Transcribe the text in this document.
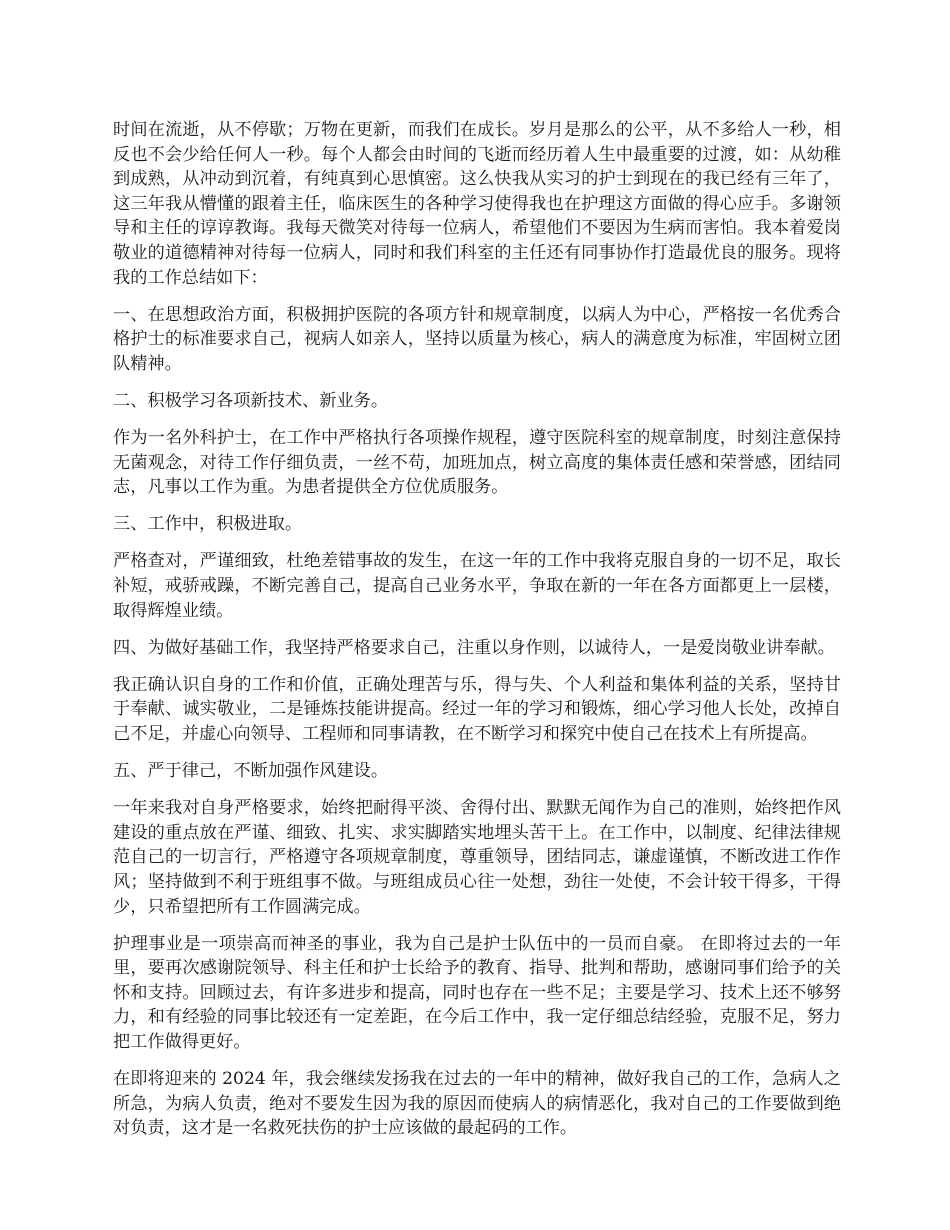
时间在流逝，从不停歇；万物在更新，而我们在成长。岁月是那么的公平，从不多给人一秒，相反也不会少给任何人一秒。每个人都会由时间的飞逝而经历着人生中最重要的过渡，如：从幼稚到成熟，从冲动到沉着，有纯真到心思慎密。这么快我从实习的护士到现在的我已经有三年了，这三年我从懵懂的跟着主任，临床医生的各种学习使得我也在护理这方面做的得心应手。多谢领导和主任的谆谆教诲。我每天微笑对待每一位病人，希望他们不要因为生病而害怕。我本着爱岗敬业的道德精神对待每一位病人，同时和我们科室的主任还有同事协作打造最优良的服务。现将我的工作总结如下：

一、在思想政治方面，积极拥护医院的各项方针和规章制度，以病人为中心，严格按一名优秀合格护士的标准要求自己，视病人如亲人，坚持以质量为核心，病人的满意度为标准，牢固树立团队精神。

二、积极学习各项新技术、新业务。

作为一名外科护士，在工作中严格执行各项操作规程，遵守医院科室的规章制度，时刻注意保持无菌观念，对待工作仔细负责，一丝不苟，加班加点，树立高度的集体责任感和荣誉感，团结同志，凡事以工作为重。为患者提供全方位优质服务。

三、工作中，积极进取。

严格查对，严谨细致，杜绝差错事故的发生，在这一年的工作中我将克服自身的一切不足，取长补短，戒骄戒躁，不断完善自己，提高自己业务水平，争取在新的一年在各方面都更上一层楼，取得辉煌业绩。

四、为做好基础工作，我坚持严格要求自己，注重以身作则，以诚待人，一是爱岗敬业讲奉献。

我正确认识自身的工作和价值，正确处理苦与乐，得与失、个人利益和集体利益的关系，坚持甘于奉献、诚实敬业，二是锤炼技能讲提高。经过一年的学习和锻炼，细心学习他人长处，改掉自己不足，并虚心向领导、工程师和同事请教，在不断学习和探究中使自己在技术上有所提高。

五、严于律己，不断加强作风建设。

一年来我对自身严格要求，始终把耐得平淡、舍得付出、默默无闻作为自己的准则，始终把作风建设的重点放在严谨、细致、扎实、求实脚踏实地埋头苦干上。在工作中，以制度、纪律法律规范自己的一切言行，严格遵守各项规章制度，尊重领导，团结同志，谦虚谨慎，不断改进工作作风；坚持做到不利于班组事不做。与班组成员心往一处想，劲往一处使，不会计较干得多，干得少，只希望把所有工作圆满完成。

护理事业是一项崇高而神圣的事业，我为自己是护士队伍中的一员而自豪。 在即将过去的一年里，要再次感谢院领导、科主任和护士长给予的教育、指导、批判和帮助，感谢同事们给予的关怀和支持。回顾过去，有许多进步和提高，同时也存在一些不足；主要是学习、技术上还不够努力，和有经验的同事比较还有一定差距，在今后工作中，我一定仔细总结经验，克服不足，努力把工作做得更好。

在即将迎来的 2024 年，我会继续发扬我在过去的一年中的精神，做好我自己的工作，急病人之所急，为病人负责，绝对不要发生因为我的原因而使病人的病情恶化，我对自己的工作要做到绝对负责，这才是一名救死扶伤的护士应该做的最起码的工作。
